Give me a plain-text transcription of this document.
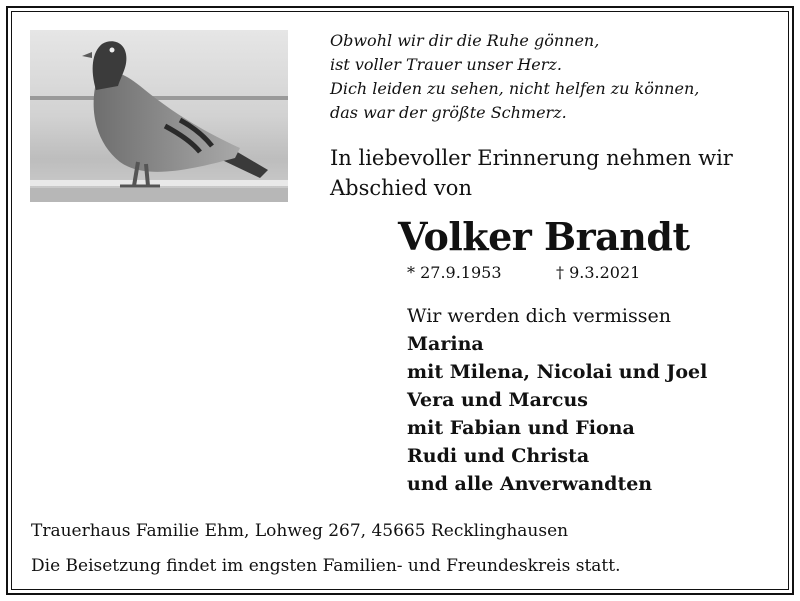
Obwohl wir dir die Ruhe gönnen,
ist voller Trauer unser Herz.
Dich leiden zu sehen, nicht helfen zu können,
das war der größte Schmerz.
In liebevoller Erinnerung nehmen wir
Abschied von
Volker Brandt
* 27.9.1953	† 9.3.2021
Wir werden dich vermissen
Marina
mit Milena, Nicolai und Joel
Vera und Marcus
mit Fabian und Fiona
Rudi und Christa
und alle Anverwandten
Trauerhaus Familie Ehm, Lohweg 267, 45665 Recklinghausen
Die Beisetzung findet im engsten Familien- und Freundeskreis statt.
